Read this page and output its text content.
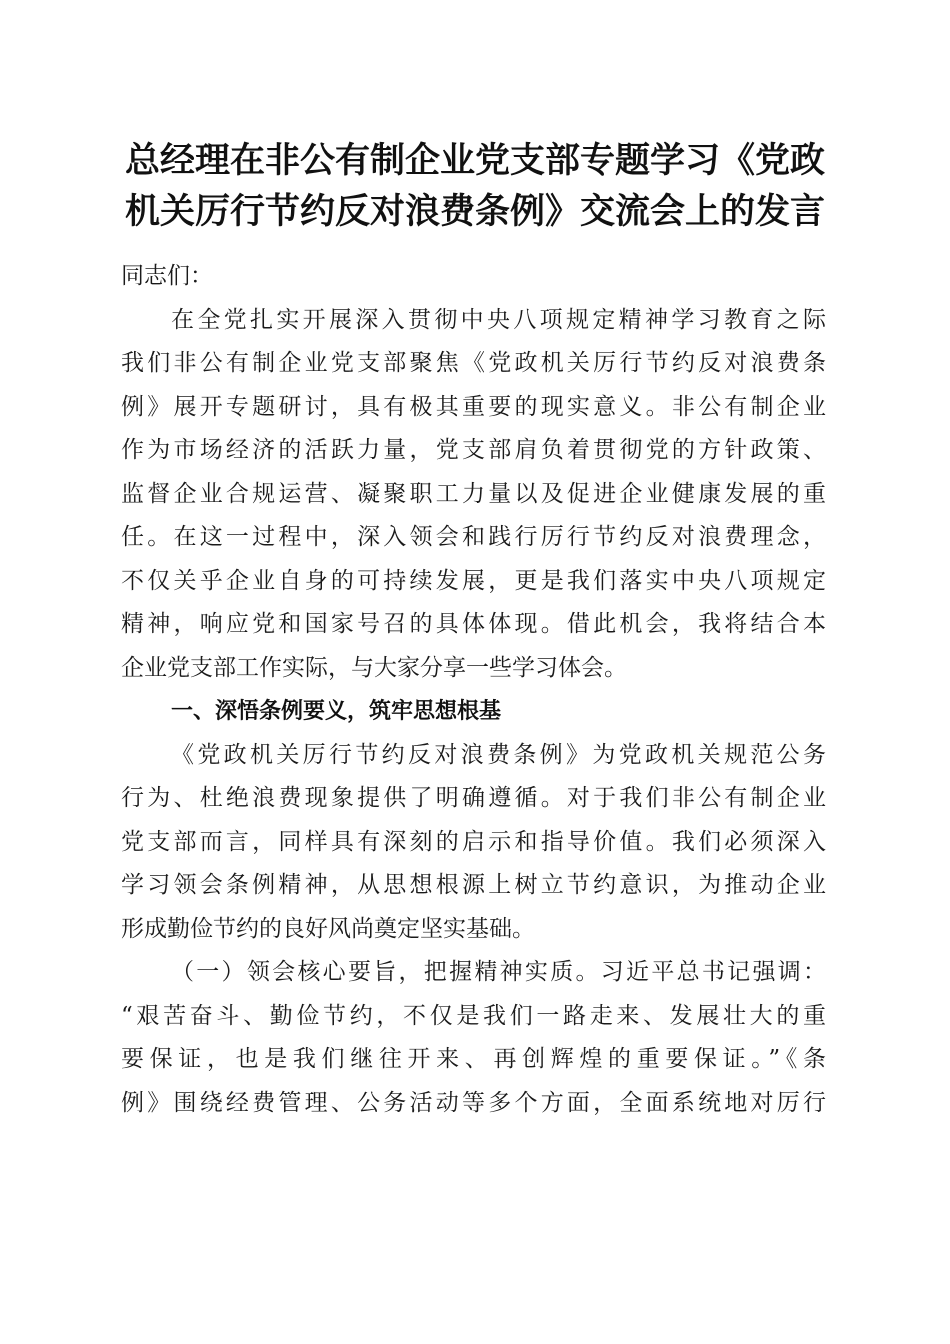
总经理在非公有制企业党支部专题学习《党政
机关厉行节约反对浪费条例》交流会上的发言
同志们：
在全党扎实开展深入贯彻中央八项规定精神学习教育之际
我们非公有制企业党支部聚焦《党政机关厉行节约反对浪费条
例》展开专题研讨，具有极其重要的现实意义。非公有制企业
作为市场经济的活跃力量，党支部肩负着贯彻党的方针政策、
监督企业合规运营、凝聚职工力量以及促进企业健康发展的重
任。在这一过程中，深入领会和践行厉行节约反对浪费理念，
不仅关乎企业自身的可持续发展，更是我们落实中央八项规定
精神，响应党和国家号召的具体体现。借此机会，我将结合本
企业党支部工作实际，与大家分享一些学习体会。
一、深悟条例要义，筑牢思想根基
《党政机关厉行节约反对浪费条例》为党政机关规范公务
行为、杜绝浪费现象提供了明确遵循。对于我们非公有制企业
党支部而言，同样具有深刻的启示和指导价值。我们必须深入
学习领会条例精神，从思想根源上树立节约意识，为推动企业
形成勤俭节约的良好风尚奠定坚实基础。
（一）领会核心要旨，把握精神实质。习近平总书记强调：
“艰苦奋斗、勤俭节约，不仅是我们一路走来、发展壮大的重
要保证，也是我们继往开来、再创辉煌的重要保证。”《条
例》围绕经费管理、公务活动等多个方面，全面系统地对厉行
